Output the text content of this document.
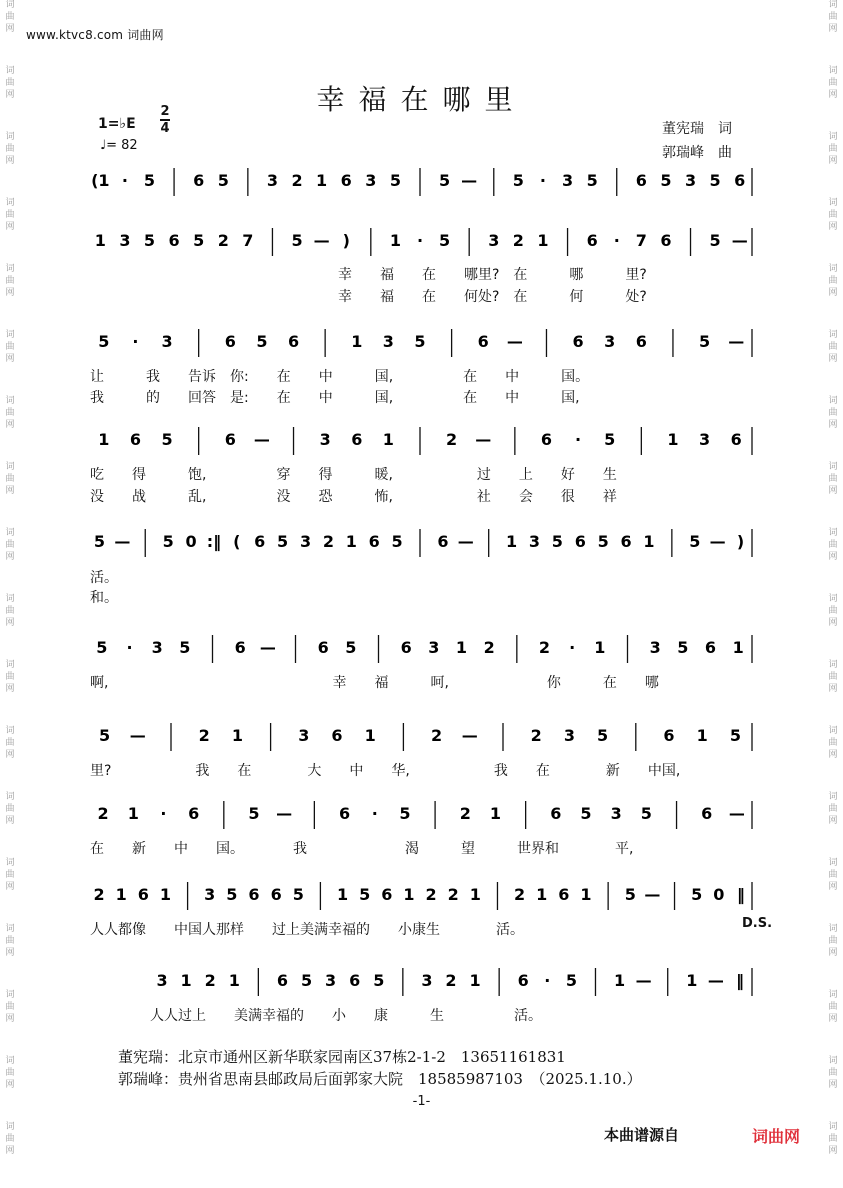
词
曲
网
词
曲
网
词
曲
网
词
曲
网
词
曲
网
词
曲
网
词
曲
网
词
曲
网
词
曲
网
词
曲
网
词
曲
网
词
曲
网
词
曲
网
词
曲
网
词
曲
网
词
曲
网
词
曲
网
词
曲
网
词
曲
网
词
曲
网
词
曲
网
词
曲
网
词
曲
网
词
曲
网
词
曲
网
词
曲
网
词
曲
网
词
曲
网
词
曲
网
词
曲
网
词
曲
网
词
曲
网
词
曲
网
词
曲
网
词
曲
网
词
曲
网
www.ktvc8.com 词曲网
幸福在哪里
1=♭E
2
4
♩= 82
董宪瑞　词
郭瑞峰　曲
(1 · 5 6 5 3 2 1 6 3 5 5 — 5 · 3 5 6 5 3 5 6
1 3 5 6 5 2 7 5 — ) 1 · 5 3 2 1 6 · 7 6 5 —
5 · 3	6 5 6	1 3 5	6 —	6 3 6	5 —
1 6 5	6 —	3 6 1	2 —	6 · 5	1 3 6
5 — 5 0 :‖ ( 6 5 3 2 1 6 5 6 — 1 3 5 6 5 6 1 5 — )
5 · 3 5	6 —	6 5	6 3 1 2	2 · 1	3 5 6 1
5 —	2 1	3 6 1	2 —	2 3 5	6 1 5
2 1 · 6	5 —	6 · 5	2 1	6 5 3 5	6 —
2 1 6 1 3 5 6 6 5 1 5 6 1 2 2 1 2 1 6 1 5 — 5 0 ‖
3 1 2 1 6 5 3 6 5 3 2 1 6 · 5 1 — 1 — ‖
幸　　福　　在　　哪里?　在　　　哪　　　里?
幸　　福　　在　　何处?　在　　　何　　　处?
让　　　我　　告诉　你:　　在　　中　　　国,　　　　　在　　中　　　国。
我　　　的　　回答　是:　　在　　中　　　国,　　　　　在　　中　　　国,
吃　　得　　　饱,　　　　　穿　　得　　　暖,　　　　　　过　　上　　好　　生
没　　战　　　乱,　　　　　没　　恐　　　怖,　　　　　　社　　会　　很　　祥
活。
和。
啊,　　　　　　　　　　　　　　　　幸　　福　　　呵,　　　　　　　你　　　在　　哪
里?　　　　　　我　　在　　　　大　　中　　华,　　　　　　我　　在　　　　新　　中国,
在　　新　　中　　国。　　　　我　　　　　　　渴　　　望　　　世界和　　　　平,
人人都像　　中国人那样　　过上美满幸福的　　小康生　　　　活。
人人过上　　美满幸福的　　小　　康　　　生　　　　　活。
D.S.
董宪瑞：北京市通州区新华联家园南区37栋2-1-2　13651161831
郭瑞峰：贵州省思南县邮政局后面郭家大院　18585987103　（2025.1.10.）
-1-
本曲谱源自	词曲网
